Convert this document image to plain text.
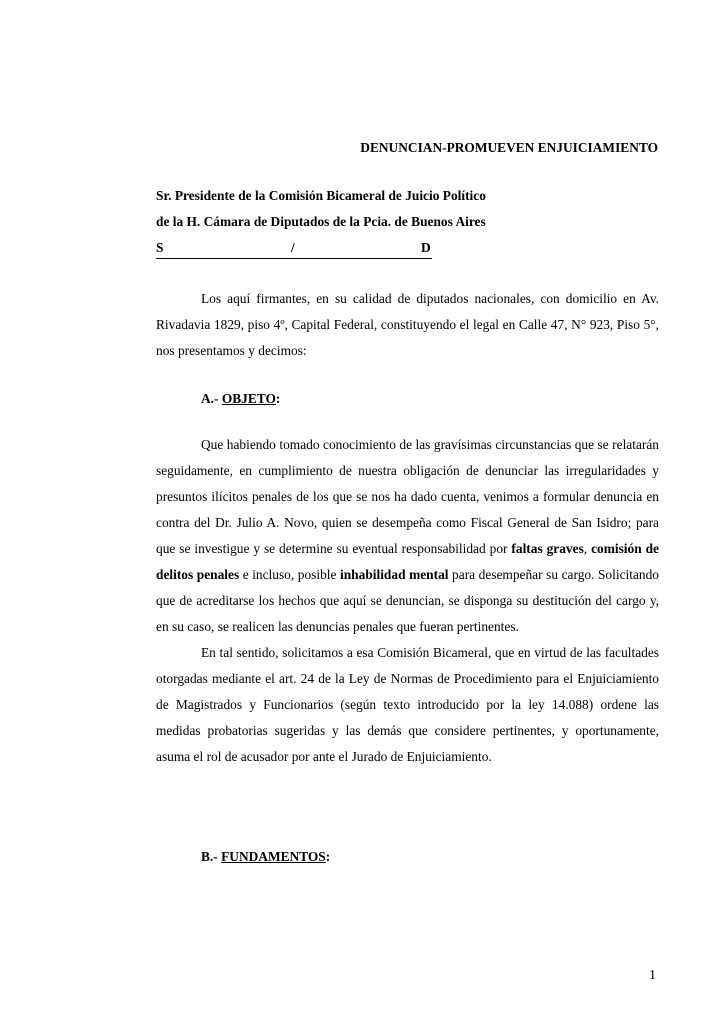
DENUNCIAN-PROMUEVEN ENJUICIAMIENTO
Sr. Presidente de la Comisión Bicameral de Juicio Político
de la H. Cámara de Diputados de la Pcia. de Buenos Aires
S	/	D
Los aquí firmantes, en su calidad de diputados nacionales, con domicilio en Av. Rivadavia 1829, piso 4º, Capital Federal, constituyendo el legal en Calle 47, N° 923, Piso 5°, nos presentamos y decimos:
A.- OBJETO:
Que habiendo tomado conocimiento de las gravísimas circunstancias que se relatarán seguidamente, en cumplimiento de nuestra obligación de denunciar las irregularidades y presuntos ilícitos penales de los que se nos ha dado cuenta, venimos a formular denuncia en contra del Dr. Julio A. Novo, quien se desempeña como Fiscal General de San Isidro; para que se investigue y se determine su eventual responsabilidad por faltas graves, comisión de delitos penales e incluso, posible inhabilidad mental para desempeñar su cargo. Solicitando que de acreditarse los hechos que aquí se denuncian, se disponga su destitución del cargo y, en su caso, se realicen las denuncias penales que fueran pertinentes.
En tal sentido, solicitamos a esa Comisión Bicameral, que en virtud de las facultades otorgadas mediante el art. 24 de la Ley de Normas de Procedimiento para el Enjuiciamiento de Magistrados y Funcionarios (según texto introducido por la ley 14.088) ordene las medidas probatorias sugeridas y las demás que considere pertinentes, y oportunamente, asuma el rol de acusador por ante el Jurado de Enjuiciamiento.
B.- FUNDAMENTOS:
1
